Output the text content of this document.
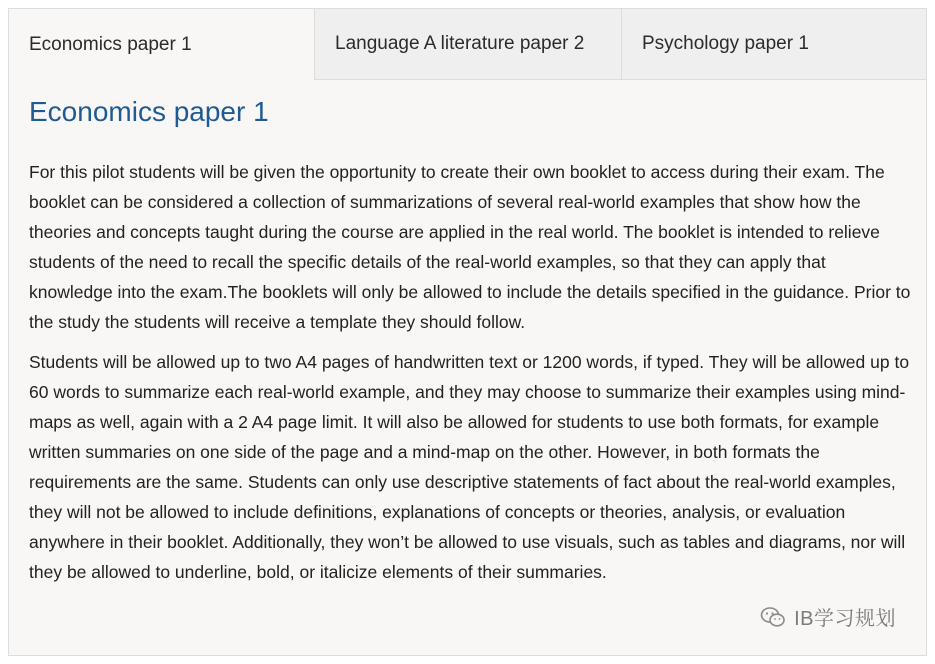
Economics paper 1	Language A literature paper 2	Psychology paper 1
Economics paper 1

For this pilot students will be given the opportunity to create their own booklet to access during their exam. The booklet can be considered a collection of summarizations of several real-world examples that show how the theories and concepts taught during the course are applied in the real world. The booklet is intended to relieve students of the need to recall the specific details of the real-world examples, so that they can apply that knowledge into the exam.The booklets will only be allowed to include the details specified in the guidance. Prior to the study the students will receive a template they should follow.

Students will be allowed up to two A4 pages of handwritten text or 1200 words, if typed. They will be allowed up to 60 words to summarize each real-world example, and they may choose to summarize their examples using mind-maps as well, again with a 2 A4 page limit. It will also be allowed for students to use both formats, for example written summaries on one side of the page and a mind-map on the other. However, in both formats the requirements are the same. Students can only use descriptive statements of fact about the real-world examples, they will not be allowed to include definitions, explanations of concepts or theories, analysis, or evaluation anywhere in their booklet. Additionally, they won’t be allowed to use visuals, such as tables and diagrams, nor will they be allowed to underline, bold, or italicize elements of their summaries.

IB学习规划
